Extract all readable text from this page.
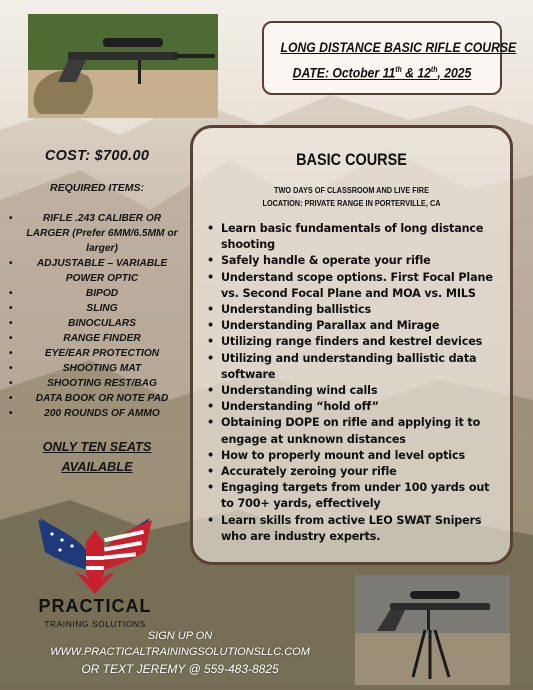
LONG DISTANCE BASIC RIFLE COURSE
DATE: October 11th & 12th, 2025
COST: $700.00
REQUIRED ITEMS:
• RIFLE .243 CALIBER OR LARGER (Prefer 6MM/6.5MM or larger)
• ADJUSTABLE – VARIABLE POWER OPTIC
• BIPOD
• SLING
• BINOCULARS
• RANGE FINDER
• EYE/EAR PROTECTION
• SHOOTING MAT
• SHOOTING REST/BAG
• DATA BOOK OR NOTE PAD
• 200 ROUNDS OF AMMO
ONLY TEN SEATS
AVAILABLE
BASIC COURSE
TWO DAYS OF CLASSROOM AND LIVE FIRE
LOCATION: PRIVATE RANGE IN PORTERVILLE, CA
• Learn basic fundamentals of long distance shooting
• Safely handle & operate your rifle
• Understand scope options. First Focal Plane vs. Second Focal Plane and MOA vs. MILS
• Understanding ballistics
• Understanding Parallax and Mirage
• Utilizing range finders and kestrel devices
• Utilizing and understanding ballistic data software
• Understanding wind calls
• Understanding “hold off”
• Obtaining DOPE on rifle and applying it to engage at unknown distances
• How to properly mount and level optics
• Accurately zeroing your rifle
• Engaging targets from under 100 yards out to 700+ yards, effectively
• Learn skills from active LEO SWAT Snipers who are industry experts.
PRACTICAL
TRAINING SOLUTIONS
SIGN UP ON
WWW.PRACTICALTRAININGSOLUTIONSLLC.COM
OR TEXT JEREMY @ 559-483-8825
